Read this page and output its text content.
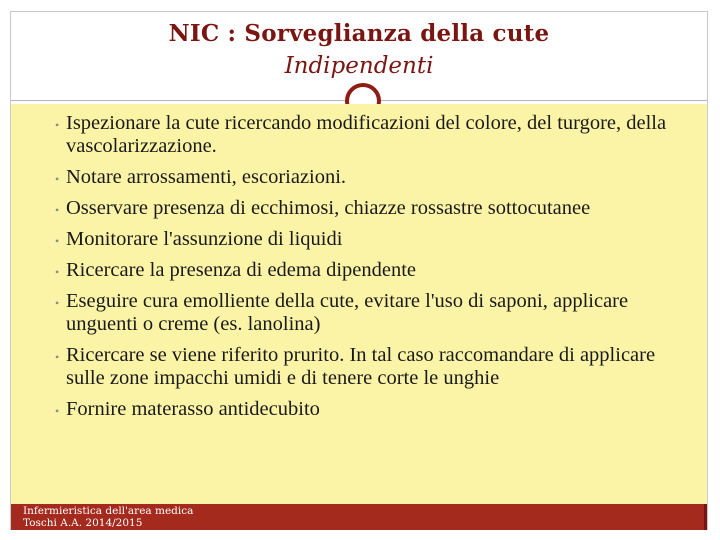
NIC : Sorveglianza della cute
Indipendenti
• Ispezionare la cute ricercando modificazioni del colore, del turgore, della vascolarizzazione.
• Notare arrossamenti, escoriazioni.
• Osservare presenza di ecchimosi, chiazze rossastre sottocutanee
• Monitorare l'assunzione di liquidi
• Ricercare la presenza di edema dipendente
• Eseguire cura emolliente della cute, evitare l'uso di saponi, applicare unguenti o creme (es. lanolina)
• Ricercare se viene riferito prurito. In tal caso raccomandare di applicare sulle zone impacchi umidi e di tenere corte le unghie
• Fornire materasso antidecubito
Infermieristica dell'area medica
Toschi A.A. 2014/2015
